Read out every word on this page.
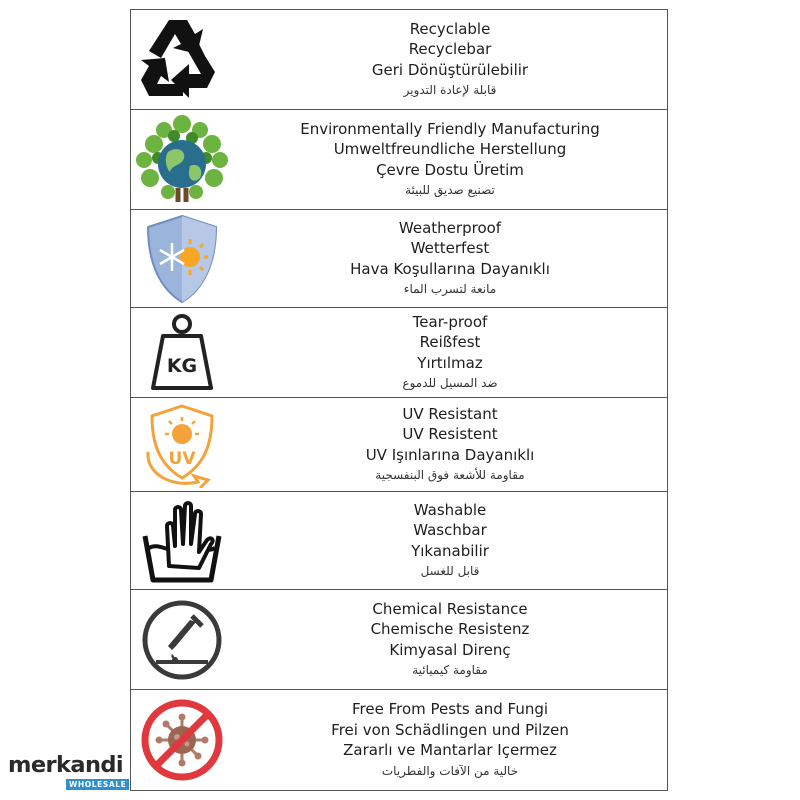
Recyclable
Recyclebar
Geri Dönüştürülebilir
قابلة لإعادة التدوير
Environmentally Friendly Manufacturing
Umweltfreundliche Herstellung
Çevre Dostu Üretim
تصنيع صديق للبيئة
Weatherproof
Wetterfest
Hava Koşullarına Dayanıklı
مانعة لتسرب الماء
KG
Tear-proof
Reißfest
Yırtılmaz
ضد المسيل للدموع
UV
UV Resistant
UV Resistent
UV Işınlarına Dayanıklı
مقاومة للأشعة فوق البنفسجية
Washable
Waschbar
Yıkanabilir
قابل للغسل
Chemical Resistance
Chemische Resistenz
Kimyasal Direnç
مقاومة كيميائية
Free From Pests and Fungi
Frei von Schädlingen und Pilzen
Zararlı ve Mantarlar Içermez
خالية من الآفات والفطريات
merkandi
WHOLESALE
